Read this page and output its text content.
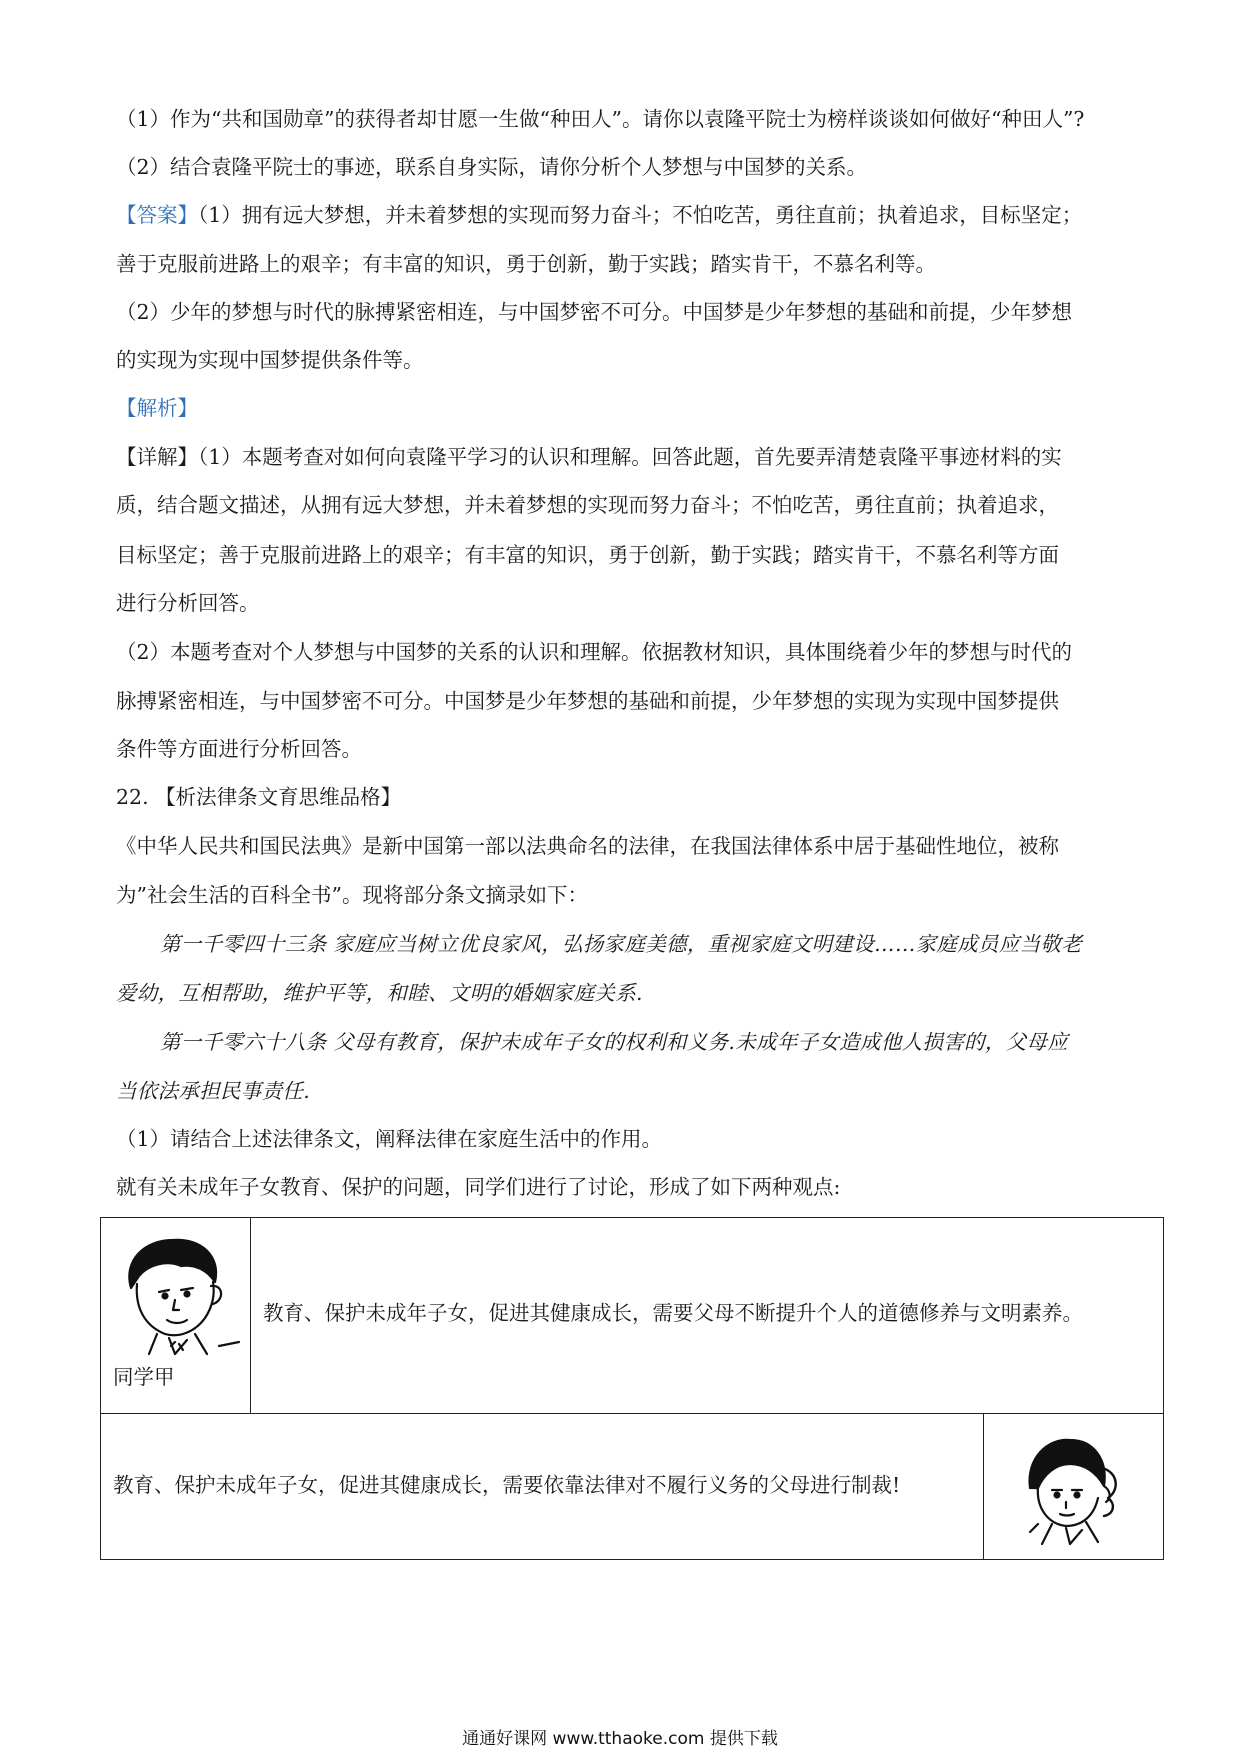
（1）作为“共和国勋章”的获得者却甘愿一生做“种田人”。请你以袁隆平院士为榜样谈谈如何做好“种田人”?
（2）结合袁隆平院士的事迹，联系自身实际，请你分析个人梦想与中国梦的关系。
【答案】（1）拥有远大梦想，并未着梦想的实现而努力奋斗；不怕吃苦，勇往直前；执着追求，目标坚定；
善于克服前进路上的艰辛；有丰富的知识，勇于创新，勤于实践；踏实肯干，不慕名利等。
（2）少年的梦想与时代的脉搏紧密相连，与中国梦密不可分。中国梦是少年梦想的基础和前提，少年梦想
的实现为实现中国梦提供条件等。
【解析】
【详解】（1）本题考查对如何向袁隆平学习的认识和理解。回答此题，首先要弄清楚袁隆平事迹材料的实
质，结合题文描述，从拥有远大梦想，并未着梦想的实现而努力奋斗；不怕吃苦，勇往直前；执着追求，
目标坚定；善于克服前进路上的艰辛；有丰富的知识，勇于创新，勤于实践；踏实肯干，不慕名利等方面
进行分析回答。
（2）本题考查对个人梦想与中国梦的关系的认识和理解。依据教材知识，具体围绕着少年的梦想与时代的
脉搏紧密相连，与中国梦密不可分。中国梦是少年梦想的基础和前提，少年梦想的实现为实现中国梦提供
条件等方面进行分析回答。
22. 【析法律条文育思维品格】
《中华人民共和国民法典》是新中国第一部以法典命名的法律，在我国法律体系中居于基础性地位，被称
为”社会生活的百科全书”。现将部分条文摘录如下：
第一千零四十三条 家庭应当树立优良家风，弘扬家庭美德，重视家庭文明建设……家庭成员应当敬老
爱幼，互相帮助，维护平等，和睦、文明的婚姻家庭关系.
第一千零六十八条 父母有教育，保护未成年子女的权利和义务.未成年子女造成他人损害的，父母应
当依法承担民事责任.
（1）请结合上述法律条文，阐释法律在家庭生活中的作用。
就有关未成年子女教育、保护的问题，同学们进行了讨论，形成了如下两种观点:
同学甲
教育、保护未成年子女，促进其健康成长，需要父母不断提升个人的道德修养与文明素养。
教育、保护未成年子女，促进其健康成长，需要依靠法律对不履行义务的父母进行制裁!
通通好课网 www.tthaoke.com 提供下载
